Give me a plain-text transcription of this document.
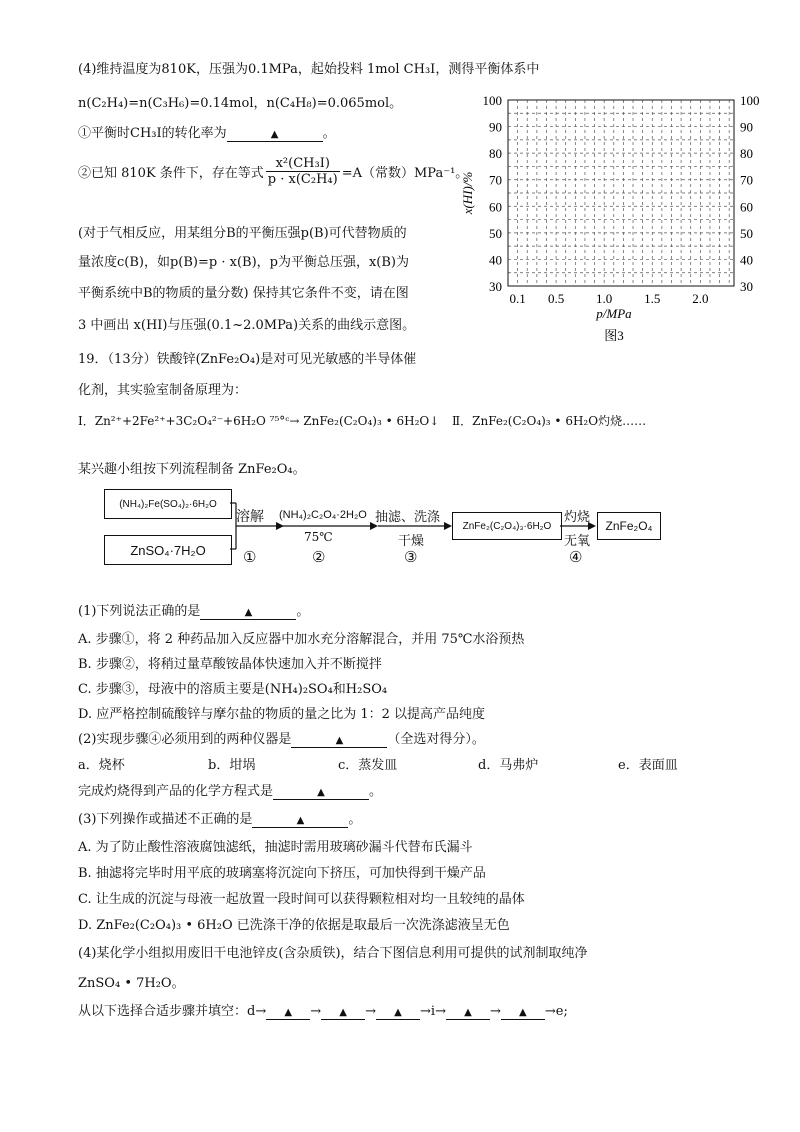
(4)维持温度为810K，压强为0.1MPa，起始投料 1mol CH₃I，测得平衡体系中
n(C₂H₄)=n(C₃H₆)=0.14mol，n(C₄H₈)=0.065mol。
①平衡时CH₃I的转化率为	▲	。
②已知 810K 条件下，存在等式 $\frac{\text{x²(CH₃I)}}{\text{p · x(C₂H₄)}} =A$（常数）MPa⁻¹。
(对于气相反应，用某组分B的平衡压强p(B)可代替物质的
量浓度c(B)，如p(B)=p · x(B)，p为平衡总压强，x(B)为
平衡系统中B的物质的量分数) 保持其它条件不变，请在图
3 中画出 x(HI)与压强(0.1~2.0MPa)关系的曲线示意图。
100
90
80
70
60
50
40
30
100
90
80
70
60
50
40
30
0.1 0.5 1.0 1.5 2.0
x(HI)/%
p/MPa
图3
19．（13分）铁酸锌(ZnFe₂O₄)是对可见光敏感的半导体催
化剂，其实验室制备原理为：
Ⅰ．Zn²⁺+2Fe²⁺+3C₂O₄²⁻+6H₂O ⁷⁵°ᶜ→ ZnFe₂(C₂O₄)₃ • 6H₂O↓ Ⅱ．ZnFe₂(C₂O₄)₃ • 6H₂O灼烧……
某兴趣小组按下列流程制备 ZnFe₂O₄。
(NH₄)₂Fe(SO₄)₂·6H₂O
ZnSO₄·7H₂O
溶解
①
(NH₄)₂C₂O₄·2H₂O
75℃
②
抽滤、洗涤
干燥
③
ZnFe₂(C₂O₄)₃·6H₂O
灼烧
无氧
④
ZnFe₂O₄
(1)下列说法正确的是	▲	。
A. 步骤①，将 2 种药品加入反应器中加水充分溶解混合，并用 75℃水浴预热
B. 步骤②，将稍过量草酸铵晶体快速加入并不断搅拌
C. 步骤③，母液中的溶质主要是(NH₄)₂SO₄和H₂SO₄
D. 应严格控制硫酸锌与摩尔盐的物质的量之比为 1：2 以提高产品纯度
(2)实现步骤④必须用到的两种仪器是	▲	（全选对得分）。
a．烧杯	b．坩埚	c．蒸发皿	d．马弗炉	e．表面皿
完成灼烧得到产品的化学方程式是	▲	。
(3)下列操作或描述不正确的是	▲	。
A. 为了防止酸性溶液腐蚀滤纸，抽滤时需用玻璃砂漏斗代替布氏漏斗
B. 抽滤将完毕时用平底的玻璃塞将沉淀向下挤压，可加快得到干燥产品
C. 让生成的沉淀与母液一起放置一段时间可以获得颗粒相对均一且较纯的晶体
D. ZnFe₂(C₂O₄)₃ • 6H₂O 已洗涤干净的依据是取最后一次洗涤滤液呈无色
(4)某化学小组拟用废旧干电池锌皮(含杂质铁)，结合下图信息利用可提供的试剂制取纯净
ZnSO₄ • 7H₂O。
从以下选择合适步骤并填空：d→ ▲ → ▲ → ▲ →i→ ▲ → ▲ →e;
